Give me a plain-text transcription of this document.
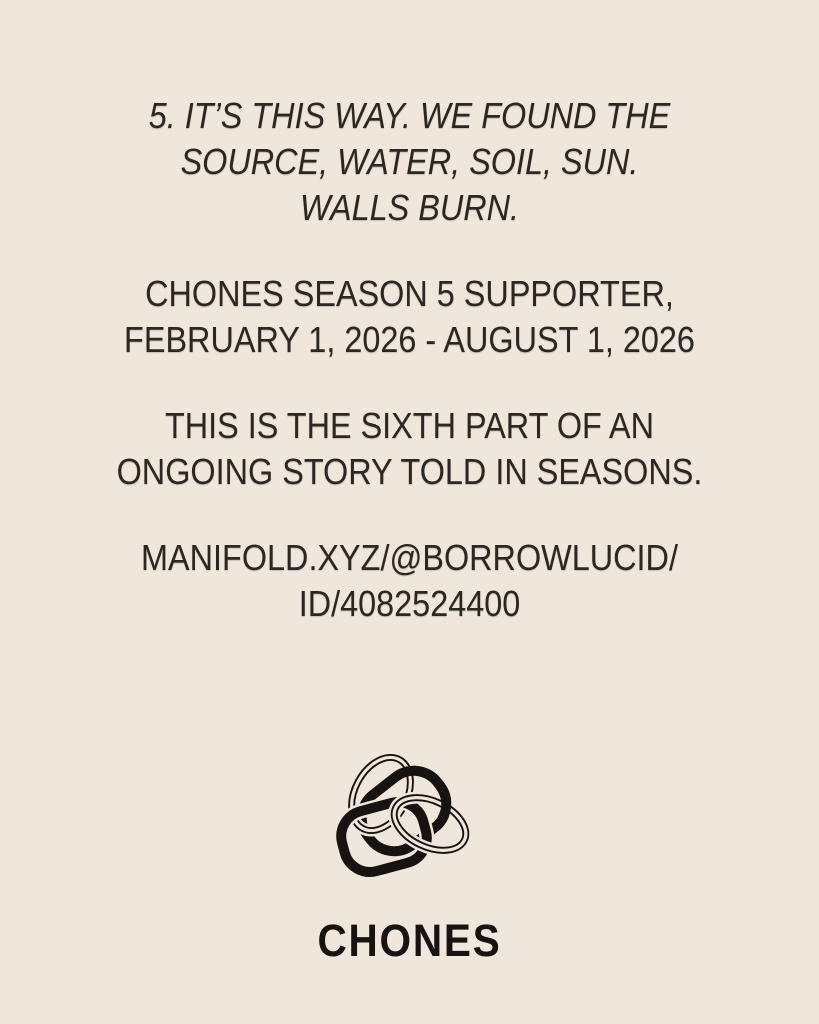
5. IT’S THIS WAY. WE FOUND THE
SOURCE, WATER, SOIL, SUN.
WALLS BURN.

CHONES SEASON 5 SUPPORTER,
FEBRUARY 1, 2026 - AUGUST 1, 2026

THIS IS THE SIXTH PART OF AN
ONGOING STORY TOLD IN SEASONS.

MANIFOLD.XYZ/@BORROWLUCID/
ID/4082524400

CHONES
